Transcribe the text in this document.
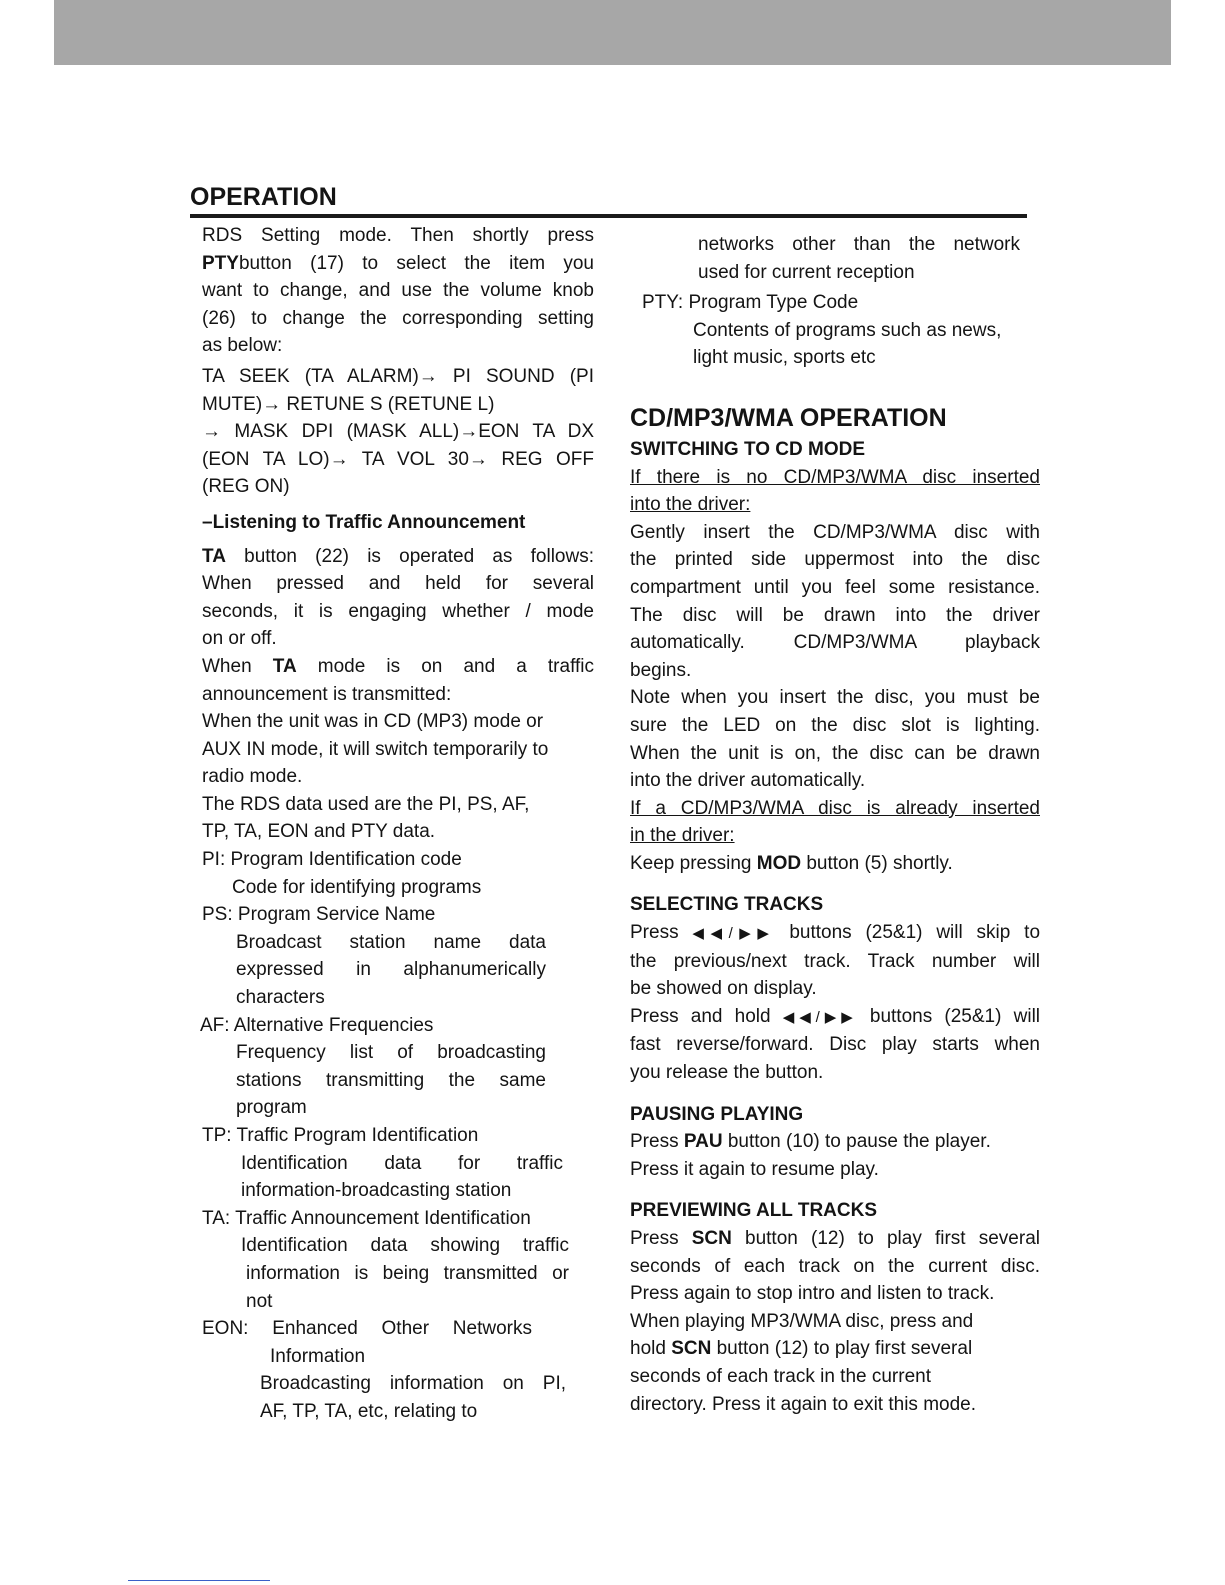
OPERATION

RDS Setting mode. Then shortly press

PTYbutton (17) to select the item you

want to change, and use the volume knob

(26) to change the corresponding setting

as below:

TA SEEK (TA ALARM)→ PI SOUND (PI

MUTE)→ RETUNE S (RETUNE L)

→ MASK DPI (MASK ALL)→EON TA DX

(EON TA LO)→ TA VOL 30→ REG OFF

(REG ON)

–Listening to Traffic Announcement

TA button (22) is operated as follows:

When pressed and held for several

seconds, it is engaging whether / mode

on or off.

When TA mode is on and a traffic

announcement is transmitted:

When the unit was in CD (MP3) mode or

AUX IN mode, it will switch temporarily to

radio mode.

The RDS data used are the PI, PS, AF,

TP, TA, EON and PTY data.

PI: Program Identification code

Code for identifying programs

PS: Program Service Name

Broadcast station name data

expressed in alphanumerically

characters

AF: Alternative Frequencies

Frequency list of broadcasting

stations transmitting the same

program

TP: Traffic Program Identification

Identification data for traffic

information-broadcasting station

TA: Traffic Announcement Identification

Identification data showing traffic

information is being transmitted or

not

EON: Enhanced Other Networks

Information

Broadcasting information on PI,

AF, TP, TA, etc, relating to

networks other than the network

used for current reception

PTY: Program Type Code

Contents of programs such as news,

light music, sports etc

CD/MP3/WMA OPERATION

SWITCHING TO CD MODE

If there is no CD/MP3/WMA disc inserted

into the driver:

Gently insert the CD/MP3/WMA disc with

the printed side uppermost into the disc

compartment until you feel some resistance.

The disc will be drawn into the driver

automatically. CD/MP3/WMA playback

begins.

Note when you insert the disc, you must be

sure the LED on the disc slot is lighting.

When the unit is on, the disc can be drawn

into the driver automatically.

If a CD/MP3/WMA disc is already inserted

in the driver:

Keep pressing MOD button (5) shortly.

SELECTING TRACKS

Press ◀◀/▶▶ buttons (25&1) will skip to

the previous/next track. Track number will

be showed on display.

Press and hold ◀◀/▶▶ buttons (25&1) will

fast reverse/forward. Disc play starts when

you release the button.

PAUSING PLAYING

Press PAU button (10) to pause the player.

Press it again to resume play.

PREVIEWING ALL TRACKS

Press SCN button (12) to play first several

seconds of each track on the current disc.

Press again to stop intro and listen to track.

When playing MP3/WMA disc, press and

hold SCN button (12) to play first several

seconds of each track in the current

directory. Press it again to exit this mode.
